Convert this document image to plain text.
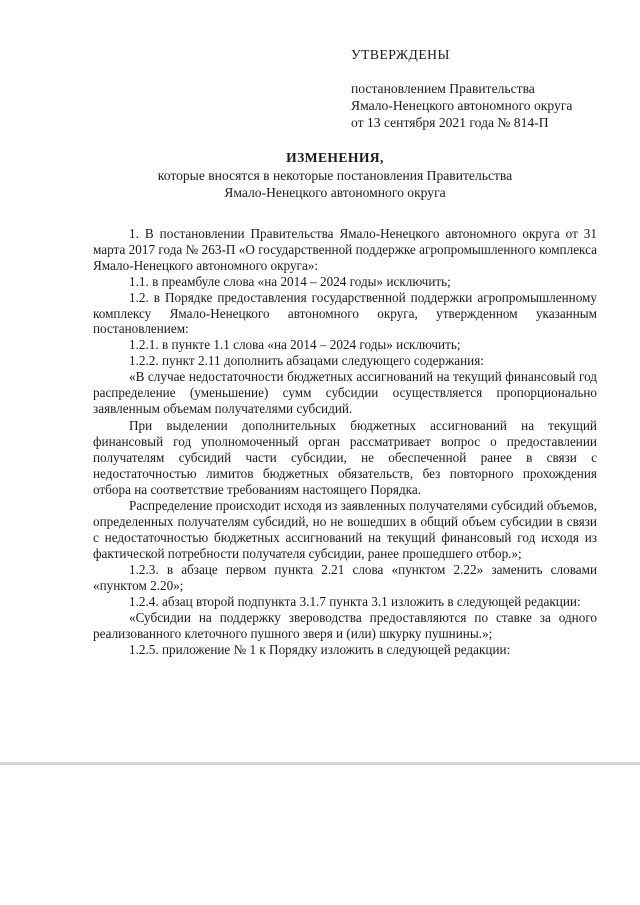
УТВЕРЖДЕНЫ
постановлением Правительства
Ямало-Ненецкого автономного округа
от 13 сентября 2021 года № 814-П
ИЗМЕНЕНИЯ,
которые вносятся в некоторые постановления Правительства
Ямало-Ненецкого автономного округа

1. В постановлении Правительства Ямало-Ненецкого автономного округа от 31 марта 2017 года № 263-П «О государственной поддержке агропромышленного комплекса Ямало-Ненецкого автономного округа»:

1.1. в преамбуле слова «на 2014 – 2024 годы» исключить;

1.2. в Порядке предоставления государственной поддержки агропромышленному комплексу Ямало-Ненецкого автономного округа, утвержденном указанным постановлением:

1.2.1. в пункте 1.1 слова «на 2014 – 2024 годы» исключить;

1.2.2. пункт 2.11 дополнить абзацами следующего содержания:

«В случае недостаточности бюджетных ассигнований на текущий финансовый год распределение (уменьшение) сумм субсидии осуществляется пропорционально заявленным объемам получателями субсидий.

При выделении дополнительных бюджетных ассигнований на текущий финансовый год уполномоченный орган рассматривает вопрос о предоставлении получателям субсидий части субсидии, не обеспеченной ранее в связи с недостаточностью лимитов бюджетных обязательств, без повторного прохождения отбора на соответствие требованиям настоящего Порядка.

Распределение происходит исходя из заявленных получателями субсидий объемов, определенных получателям субсидий, но не вошедших в общий объем субсидии в связи с недостаточностью бюджетных ассигнований на текущий финансовый год исходя из фактической потребности получателя субсидии, ранее прошедшего отбор.»;

1.2.3. в абзаце первом пункта 2.21 слова «пунктом 2.22» заменить словами «пунктом 2.20»;

1.2.4. абзац второй подпункта 3.1.7 пункта 3.1 изложить в следующей редакции:

«Субсидии на поддержку звероводства предоставляются по ставке за одного реализованного клеточного пушного зверя и (или) шкурку пушнины.»;

1.2.5. приложение № 1 к Порядку изложить в следующей редакции:
